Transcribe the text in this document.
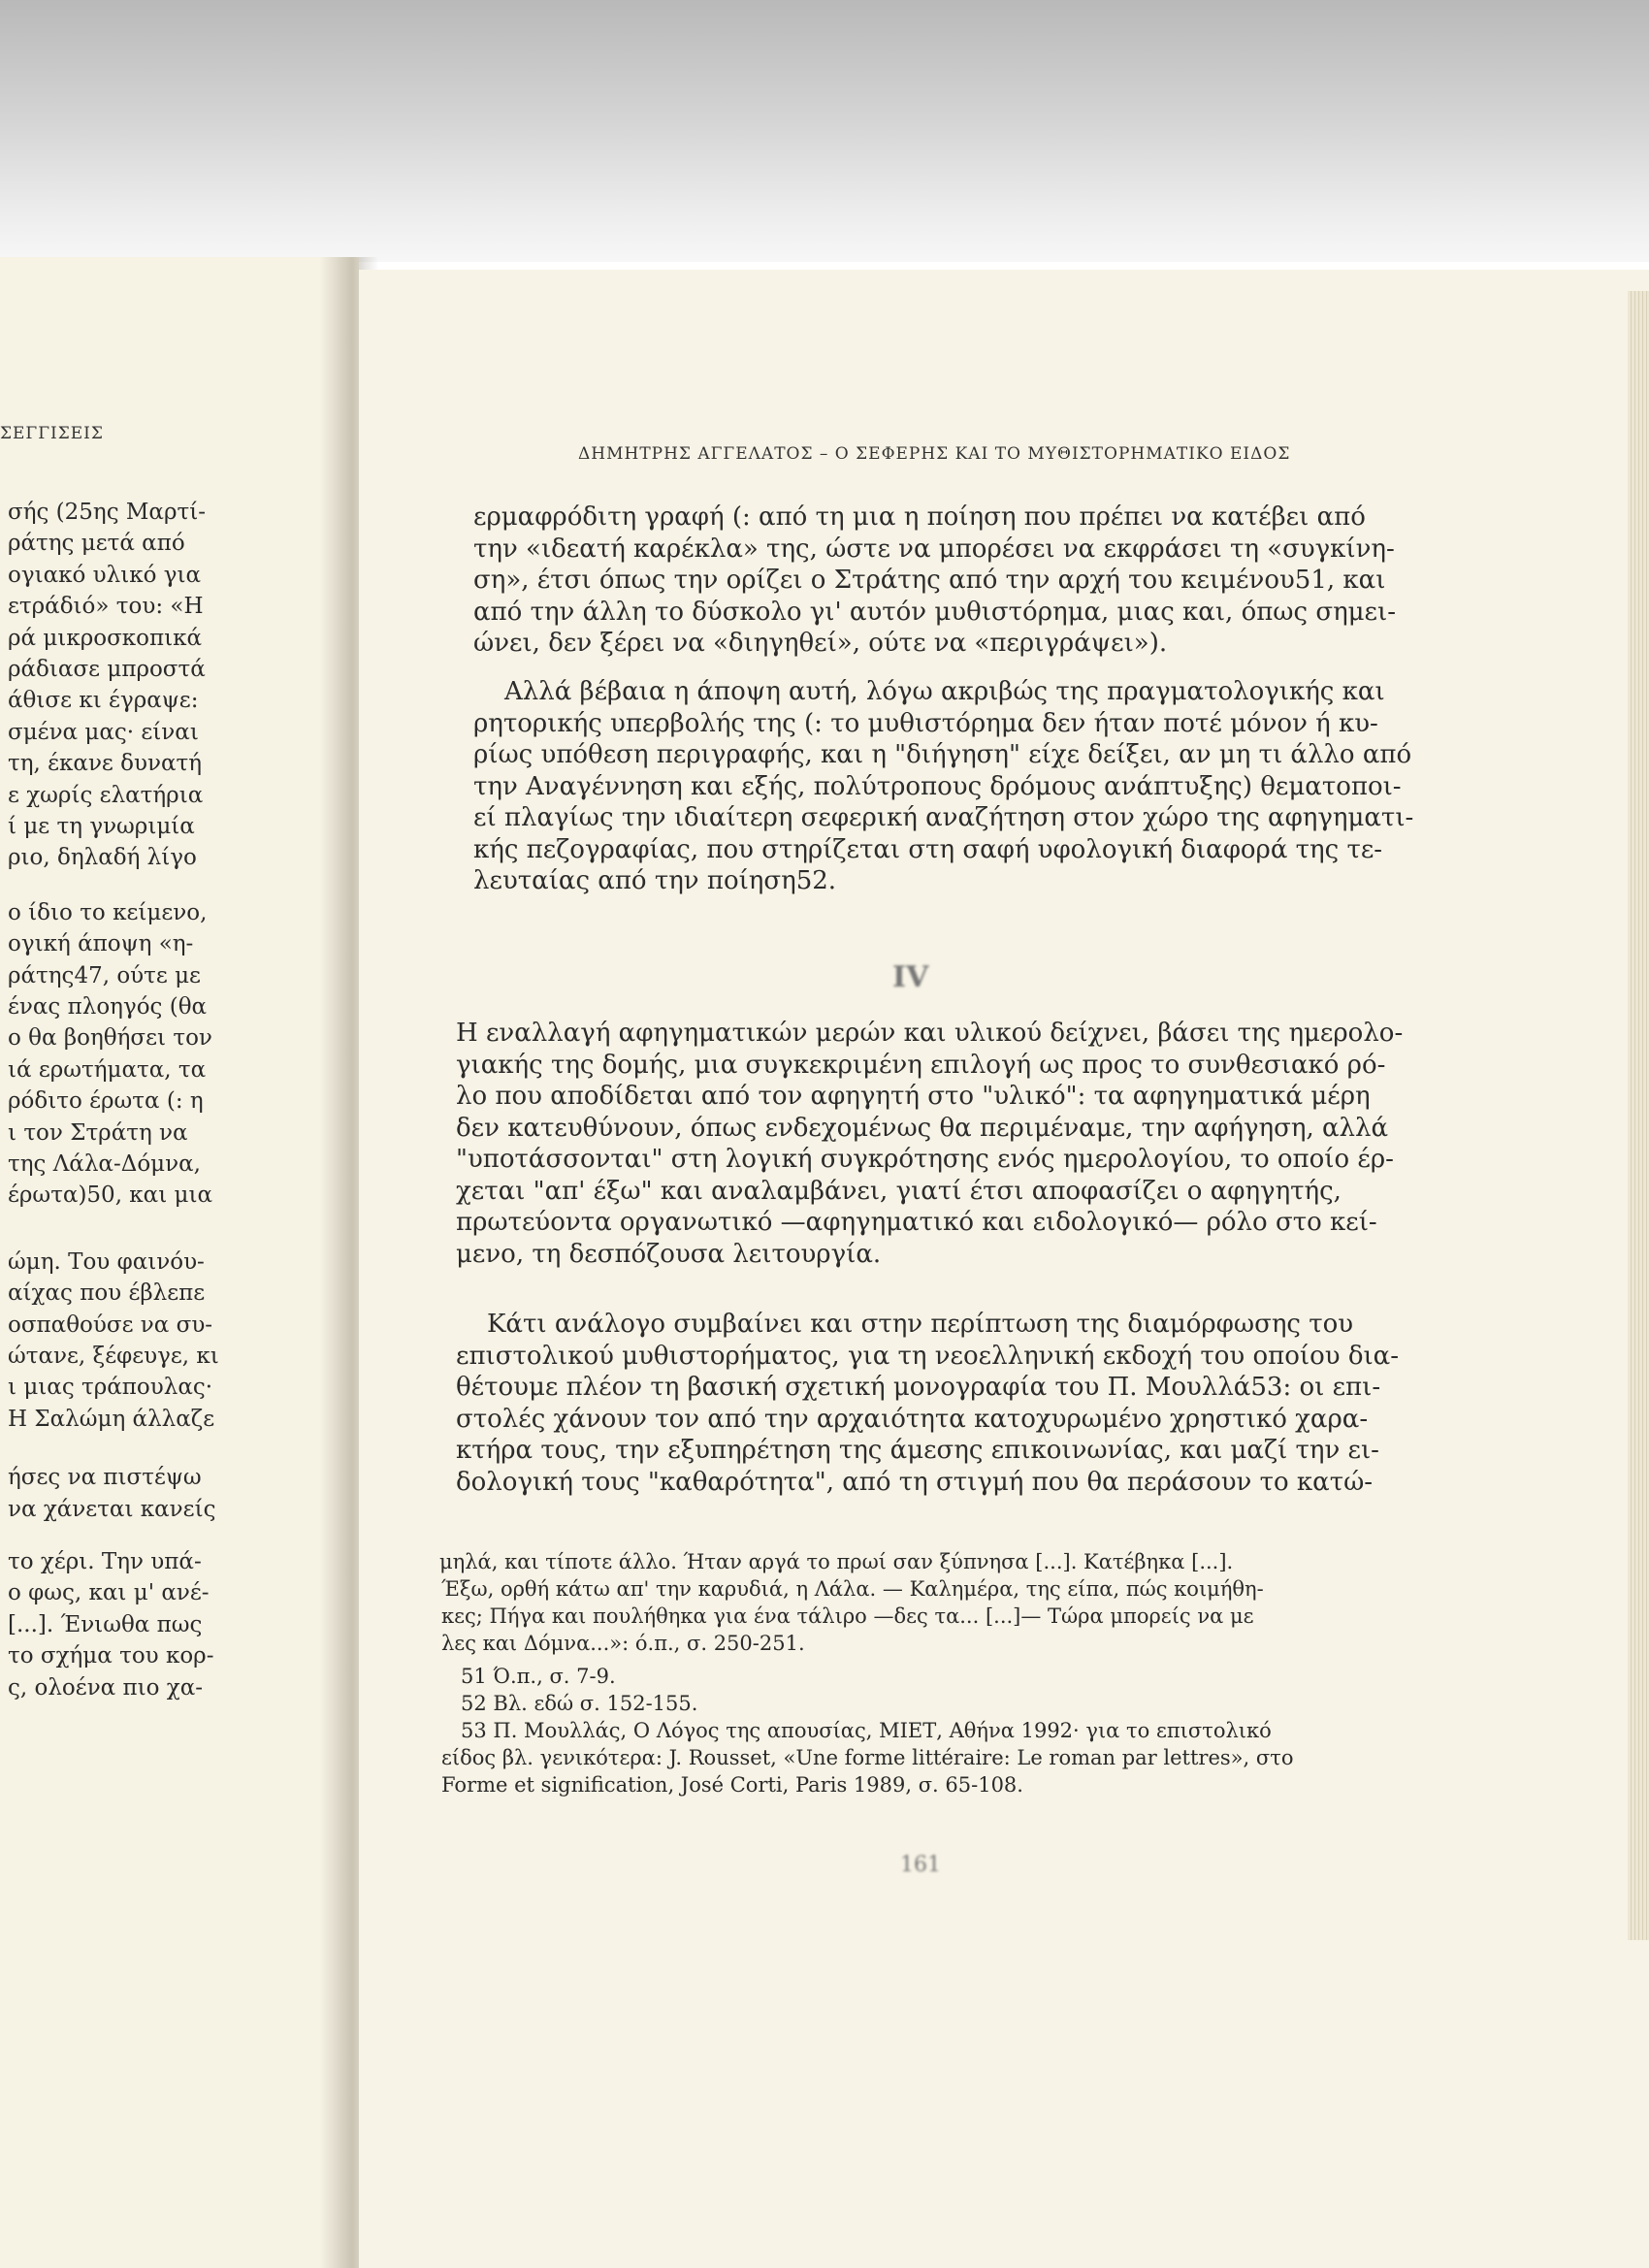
ΣΕΓΓΙΣΕΙΣ
σής (25ης Μαρτί-
ράτης μετά από
ογιακό υλικό για
ετράδιό» του: «Η
ρά μικροσκοπικά
ράδιασε μπροστά
άθισε κι έγραψε:
σμένα μας· είναι
τη, έκανε δυνατή
ε χωρίς ελατήρια
ί με τη γνωριμία
ριο, δηλαδή λίγο
ο ίδιο το κείμενο,
ογική άποψη «η-
ράτης47, ούτε με
ένας πλοηγός (θα
ο θα βοηθήσει τον
ιά ερωτήματα, τα
ρόδιτο έρωτα (: η
ι τον Στράτη να
της Λάλα-Δόμνα,
έρωτα)50, και μια
ώμη. Του φαινόυ-
αίχας που έβλεπε
οσπαθούσε να συ-
ώτανε, ξέφευγε, κι
ι μιας τράπουλας·
Η Σαλώμη άλλαζε
ήσες να πιστέψω
να χάνεται κανείς
το χέρι. Την υπά-
ο φως, και μ' ανέ-
[...]. Ένιωθα πως
το σχήμα του κορ-
ς, ολοένα πιο χα-
ΔΗΜΗΤΡΗΣ ΑΓΓΕΛΑΤΟΣ – Ο ΣΕΦΕΡΗΣ ΚΑΙ ΤΟ ΜΥΘΙΣΤΟΡΗΜΑΤΙΚΟ ΕΙΔΟΣ
ερμαφρόδιτη γραφή (: από τη μια η ποίηση που πρέπει να κατέβει από
την «ιδεατή καρέκλα» της, ώστε να μπορέσει να εκφράσει τη «συγκίνη-
ση», έτσι όπως την ορίζει ο Στράτης από την αρχή του κειμένου51, και
από την άλλη το δύσκολο γι' αυτόν μυθιστόρημα, μιας και, όπως σημει-
ώνει, δεν ξέρει να «διηγηθεί», ούτε να «περιγράψει»).
Αλλά βέβαια η άποψη αυτή, λόγω ακριβώς της πραγματολογικής και
ρητορικής υπερβολής της (: το μυθιστόρημα δεν ήταν ποτέ μόνον ή κυ-
ρίως υπόθεση περιγραφής, και η "διήγηση" είχε δείξει, αν μη τι άλλο από
την Αναγέννηση και εξής, πολύτροπους δρόμους ανάπτυξης) θεματοποι-
εί πλαγίως την ιδιαίτερη σεφερική αναζήτηση στον χώρο της αφηγηματι-
κής πεζογραφίας, που στηρίζεται στη σαφή υφολογική διαφορά της τε-
λευταίας από την ποίηση52.
Η εναλλαγή αφηγηματικών μερών και υλικού δείχνει, βάσει της ημερολο-
γιακής της δομής, μια συγκεκριμένη επιλογή ως προς το συνθεσιακό ρό-
λο που αποδίδεται από τον αφηγητή στο "υλικό": τα αφηγηματικά μέρη
δεν κατευθύνουν, όπως ενδεχομένως θα περιμέναμε, την αφήγηση, αλλά
"υποτάσσονται" στη λογική συγκρότησης ενός ημερολογίου, το οποίο έρ-
χεται "απ' έξω" και αναλαμβάνει, γιατί έτσι αποφασίζει ο αφηγητής,
πρωτεύοντα οργανωτικό —αφηγηματικό και ειδολογικό— ρόλο στο κεί-
μενο, τη δεσπόζουσα λειτουργία.
Κάτι ανάλογο συμβαίνει και στην περίπτωση της διαμόρφωσης του
επιστολικού μυθιστορήματος, για τη νεοελληνική εκδοχή του οποίου δια-
θέτουμε πλέον τη βασική σχετική μονογραφία του Π. Μουλλά53: οι επι-
στολές χάνουν τον από την αρχαιότητα κατοχυρωμένο χρηστικό χαρα-
κτήρα τους, την εξυπηρέτηση της άμεσης επικοινωνίας, και μαζί την ει-
δολογική τους "καθαρότητα", από τη στιγμή που θα περάσουν το κατώ-
μηλά, και τίποτε άλλο. Ήταν αργά το πρωί σαν ξύπνησα [...]. Κατέβηκα [...].
Έξω, ορθή κάτω απ' την καρυδιά, η Λάλα. — Καλημέρα, της είπα, πώς κοιμήθη-
κες; Πήγα και πουλήθηκα για ένα τάλιρο —δες τα... [...]— Τώρα μπορείς να με
λες και Δόμνα...»: ό.π., σ. 250-251.
51 Ό.π., σ. 7-9.
52 Βλ. εδώ σ. 152-155.
53 Π. Μουλλάς, Ο Λόγος της απουσίας, ΜΙΕΤ, Αθήνα 1992· για το επιστολικό
είδος βλ. γενικότερα: J. Rousset, «Une forme littéraire: Le roman par lettres», στο
Forme et signification, José Corti, Paris 1989, σ. 65-108.
IV
161
